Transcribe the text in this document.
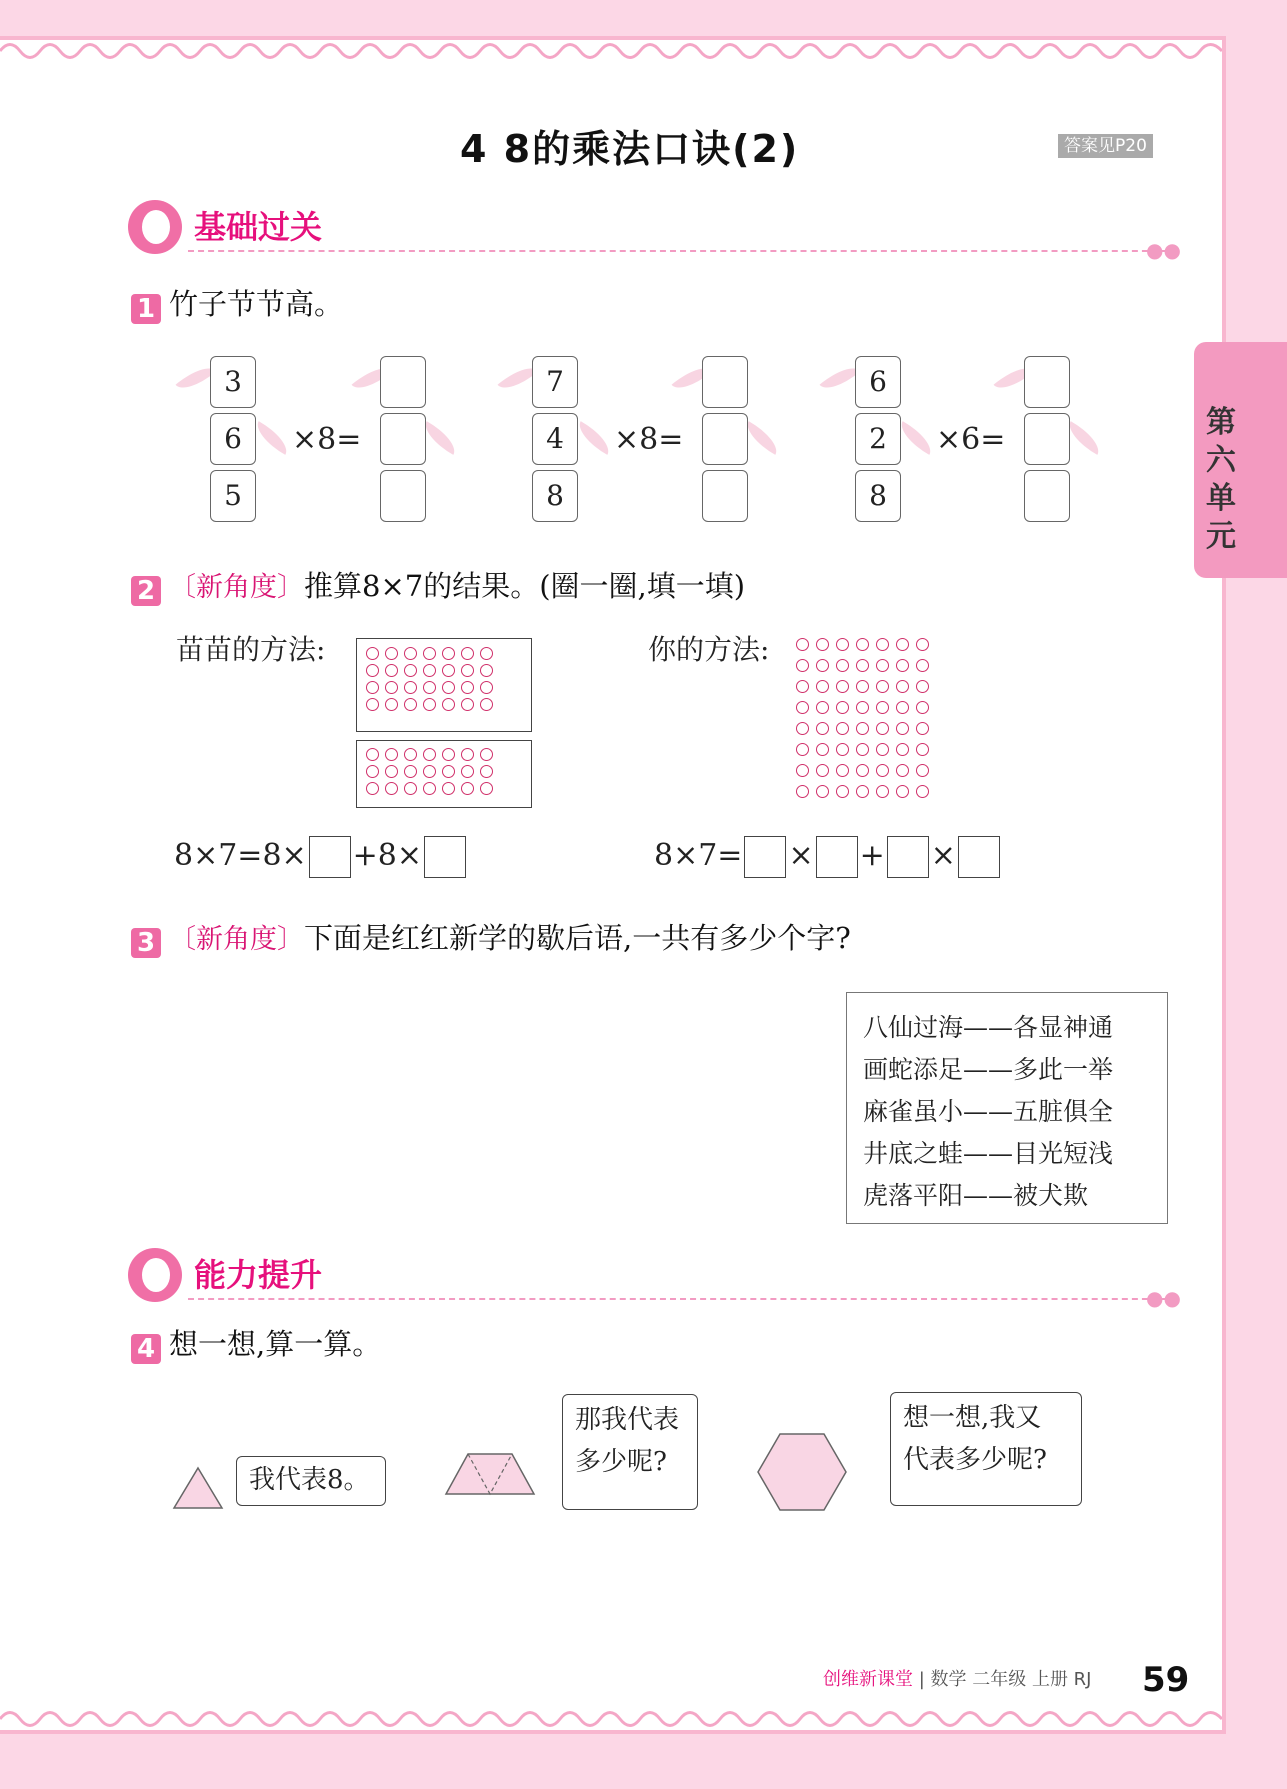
第六单元
4 8的乘法口诀(2)	答案见P20
基础过关
●●
1 竹子节节高。
3
6
5
×8=
7
4
8
×8=
6
2
8
×6=
2 〔新角度〕推算8×7的结果。(圈一圈,填一填)
苗苗的方法:	你的方法:
8×7=8× +8×	8×7= × + ×
3 〔新角度〕下面是红红新学的歇后语,一共有多少个字?
八仙过海——各显神通
画蛇添足——多此一举
麻雀虽小——五脏俱全
井底之蛙——目光短浅
虎落平阳——被犬欺
能力提升
●●
4 想一想,算一算。
我代表8。
那我代表
多少呢?
想一想,我又
代表多少呢?
创维新课堂 | 数学 二年级 上册 RJ 59
